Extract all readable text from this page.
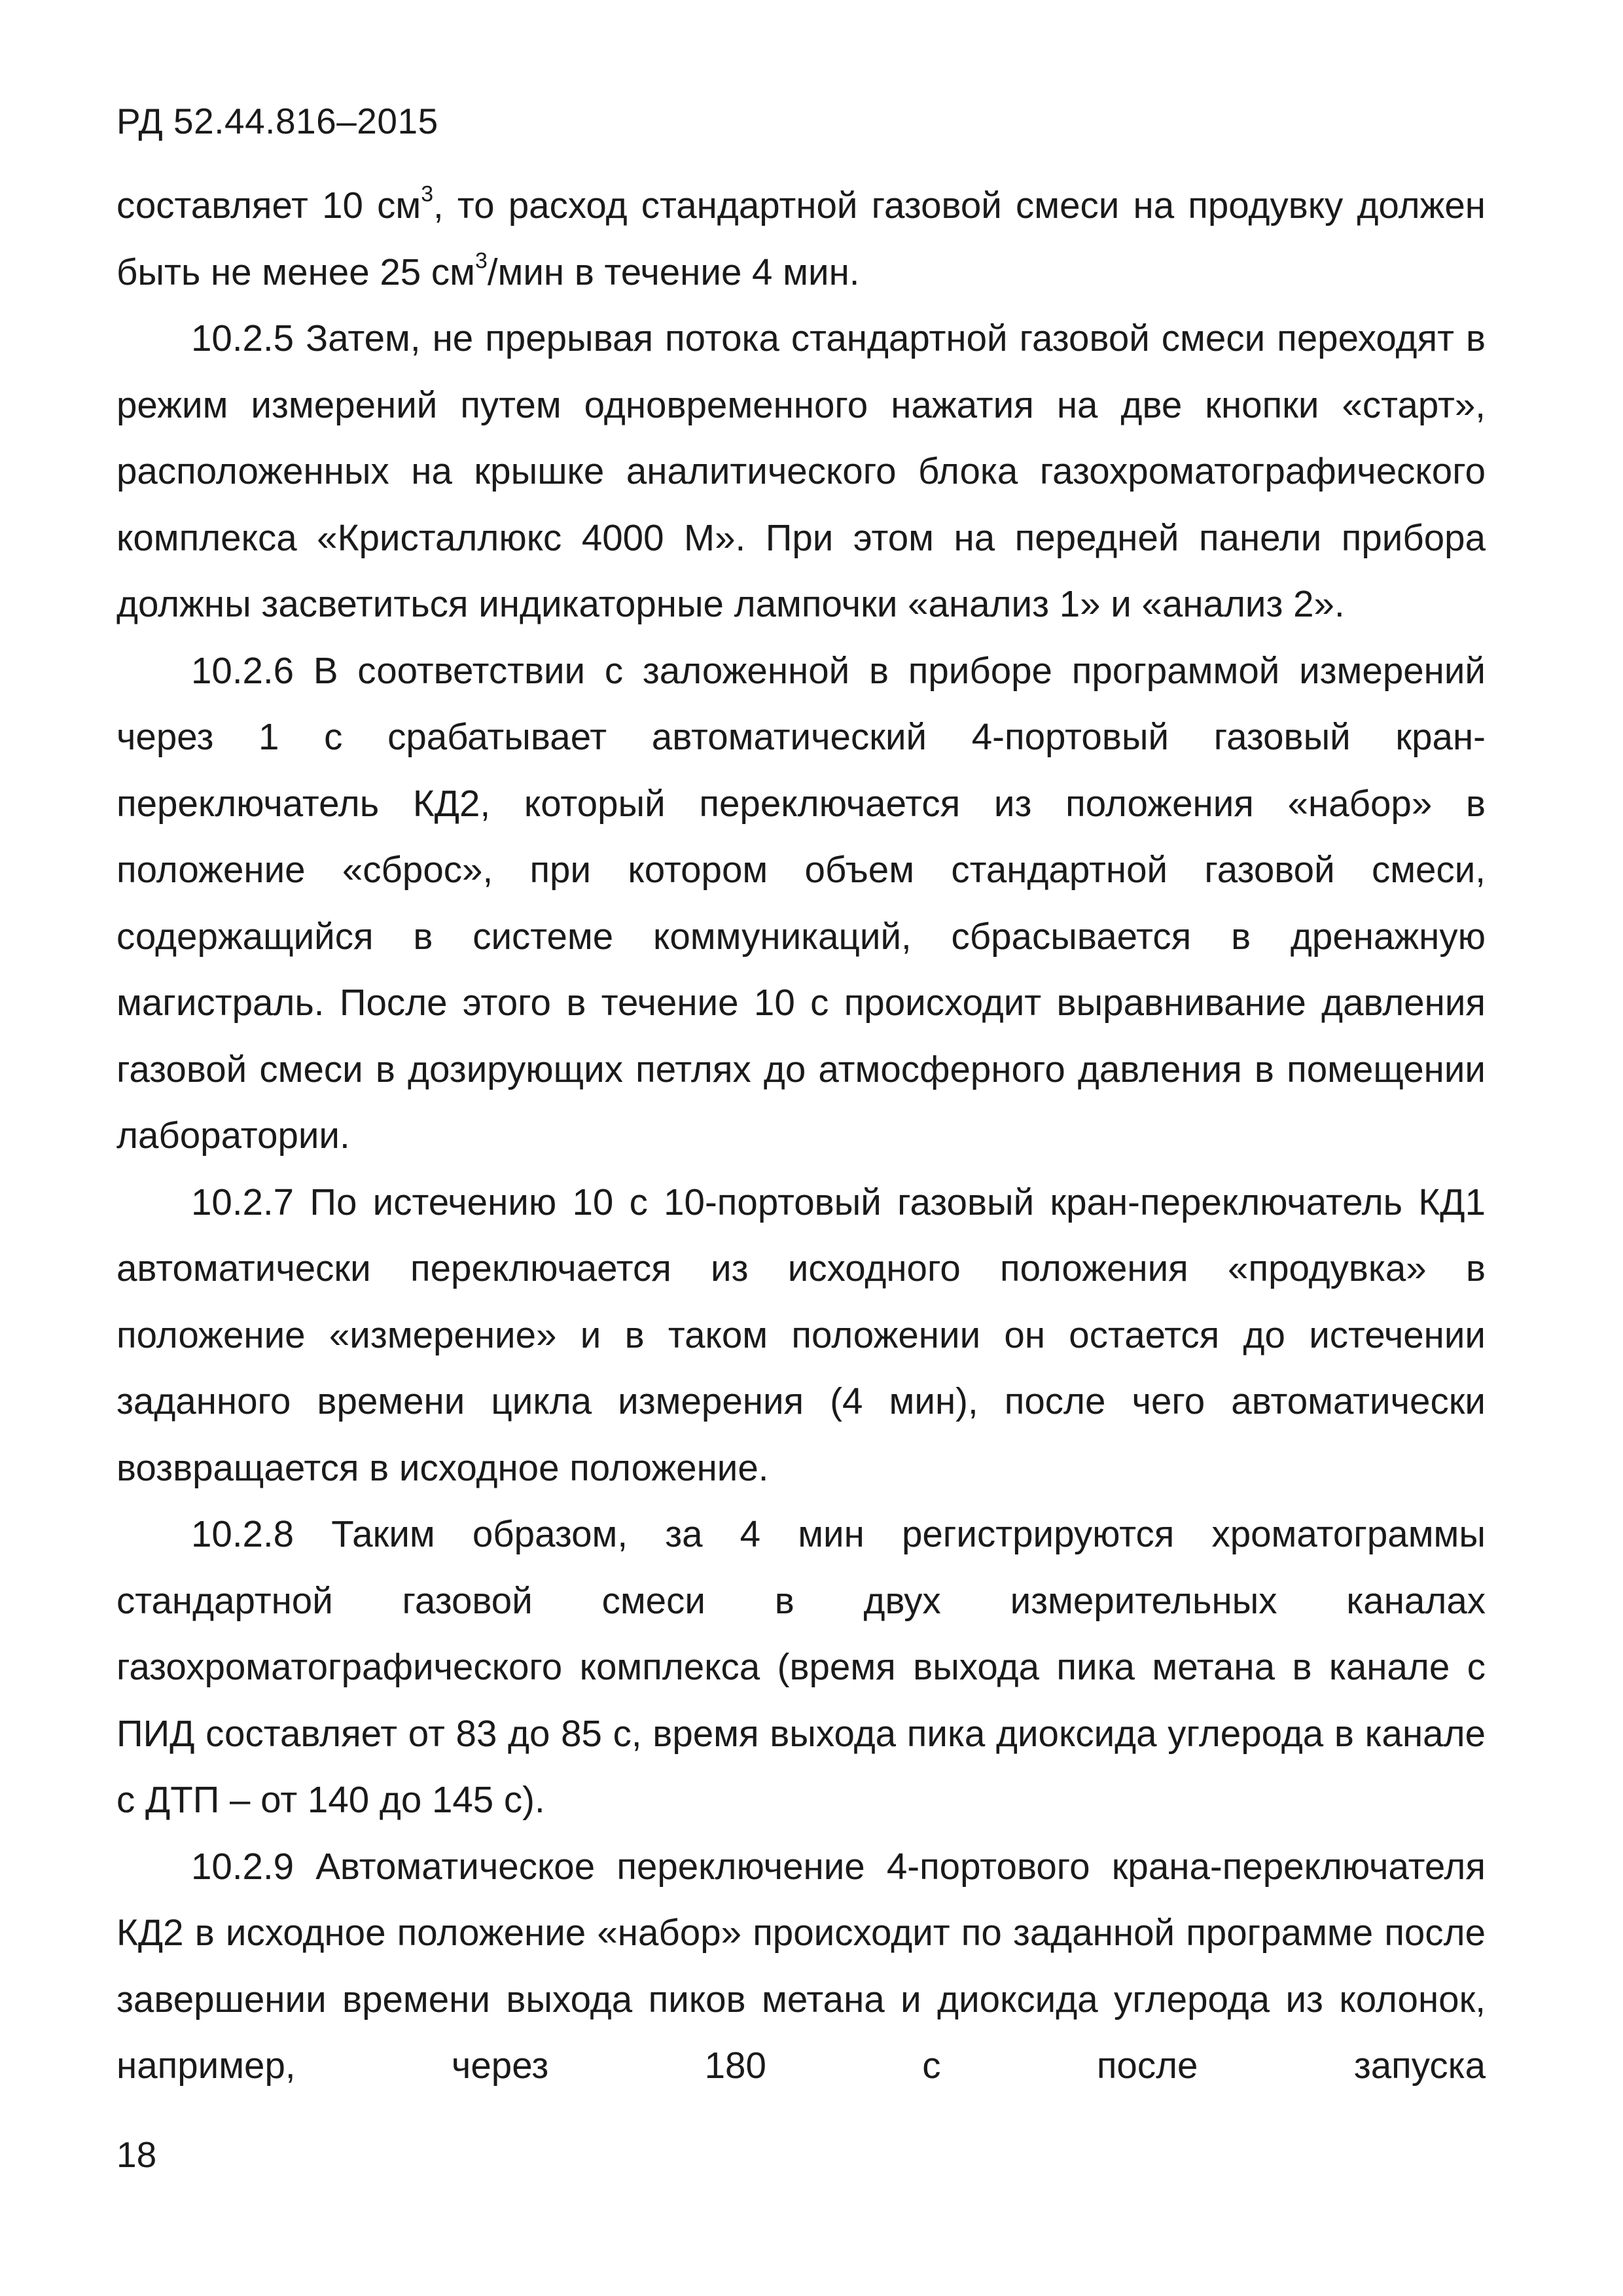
РД 52.44.816–2015

составляет 10 $см^3$, то расход стандартной газовой смеси на продувку должен быть не менее 25 $см^3$/мин в течение 4 мин.

10.2.5 Затем, не прерывая потока стандартной газовой смеси переходят в режим измерений путем одновременного нажатия на две кнопки «старт», расположенных на крышке аналитического блока газохроматографического комплекса «Кристаллюкс 4000 М». При этом на передней панели прибора должны засветиться индикаторные лампочки «анализ 1» и «анализ 2».

10.2.6 В соответствии с заложенной в приборе программой измерений через 1 с срабатывает автоматический 4-портовый газовый кран-переключатель КД2, который переключается из положения «набор» в положение «сброс», при котором объем стандартной газовой смеси, содержащийся в системе коммуникаций, сбрасывается в дренажную магистраль. После этого в течение 10 с происходит выравнивание давления газовой смеси в дозирующих петлях до атмосферного давления в помещении лаборатории.

10.2.7 По истечению 10 с 10-портовый газовый кран-переключатель КД1 автоматически переключается из исходного положения «продувка» в положение «измерение» и в таком положении он остается до истечении заданного времени цикла измерения (4 мин), после чего автоматически возвращается в исходное положение.

10.2.8 Таким образом, за 4 мин регистрируются хроматограммы стандартной газовой смеси в двух измерительных каналах газохроматографического комплекса (время выхода пика метана в канале с ПИД составляет от 83 до 85 с, время выхода пика диоксида углерода в канале с ДТП – от 140 до 145 с).

10.2.9 Автоматическое переключение 4-портового крана-переключателя КД2 в исходное положение «набор» происходит по заданной программе после завершении времени выхода пиков метана и диоксида углерода из колонок, например, через 180 с после запуска

18
